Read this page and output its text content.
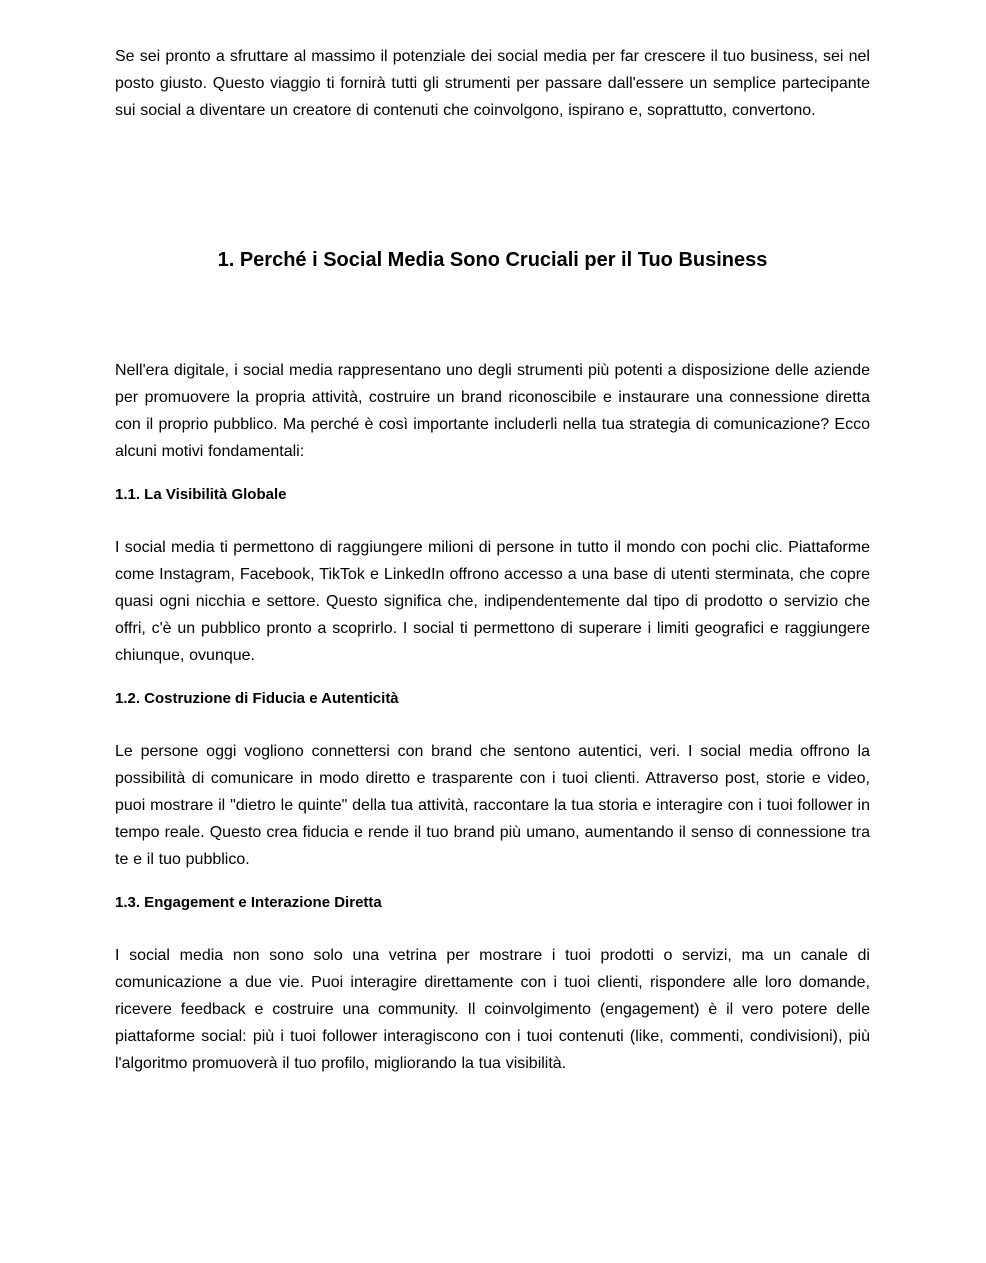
Se sei pronto a sfruttare al massimo il potenziale dei social media per far crescere il tuo business, sei nel posto giusto. Questo viaggio ti fornirà tutti gli strumenti per passare dall'essere un semplice partecipante sui social a diventare un creatore di contenuti che coinvolgono, ispirano e, soprattutto, convertono.

1. Perché i Social Media Sono Cruciali per il Tuo Business

Nell'era digitale, i social media rappresentano uno degli strumenti più potenti a disposizione delle aziende per promuovere la propria attività, costruire un brand riconoscibile e instaurare una connessione diretta con il proprio pubblico. Ma perché è così importante includerli nella tua strategia di comunicazione? Ecco alcuni motivi fondamentali:

1.1. La Visibilità Globale

I social media ti permettono di raggiungere milioni di persone in tutto il mondo con pochi clic. Piattaforme come Instagram, Facebook, TikTok e LinkedIn offrono accesso a una base di utenti sterminata, che copre quasi ogni nicchia e settore. Questo significa che, indipendentemente dal tipo di prodotto o servizio che offri, c'è un pubblico pronto a scoprirlo. I social ti permettono di superare i limiti geografici e raggiungere chiunque, ovunque.

1.2. Costruzione di Fiducia e Autenticità

Le persone oggi vogliono connettersi con brand che sentono autentici, veri. I social media offrono la possibilità di comunicare in modo diretto e trasparente con i tuoi clienti. Attraverso post, storie e video, puoi mostrare il "dietro le quinte" della tua attività, raccontare la tua storia e interagire con i tuoi follower in tempo reale. Questo crea fiducia e rende il tuo brand più umano, aumentando il senso di connessione tra te e il tuo pubblico.

1.3. Engagement e Interazione Diretta

I social media non sono solo una vetrina per mostrare i tuoi prodotti o servizi, ma un canale di comunicazione a due vie. Puoi interagire direttamente con i tuoi clienti, rispondere alle loro domande, ricevere feedback e costruire una community. Il coinvolgimento (engagement) è il vero potere delle piattaforme social: più i tuoi follower interagiscono con i tuoi contenuti (like, commenti, condivisioni), più l'algoritmo promuoverà il tuo profilo, migliorando la tua visibilità.
